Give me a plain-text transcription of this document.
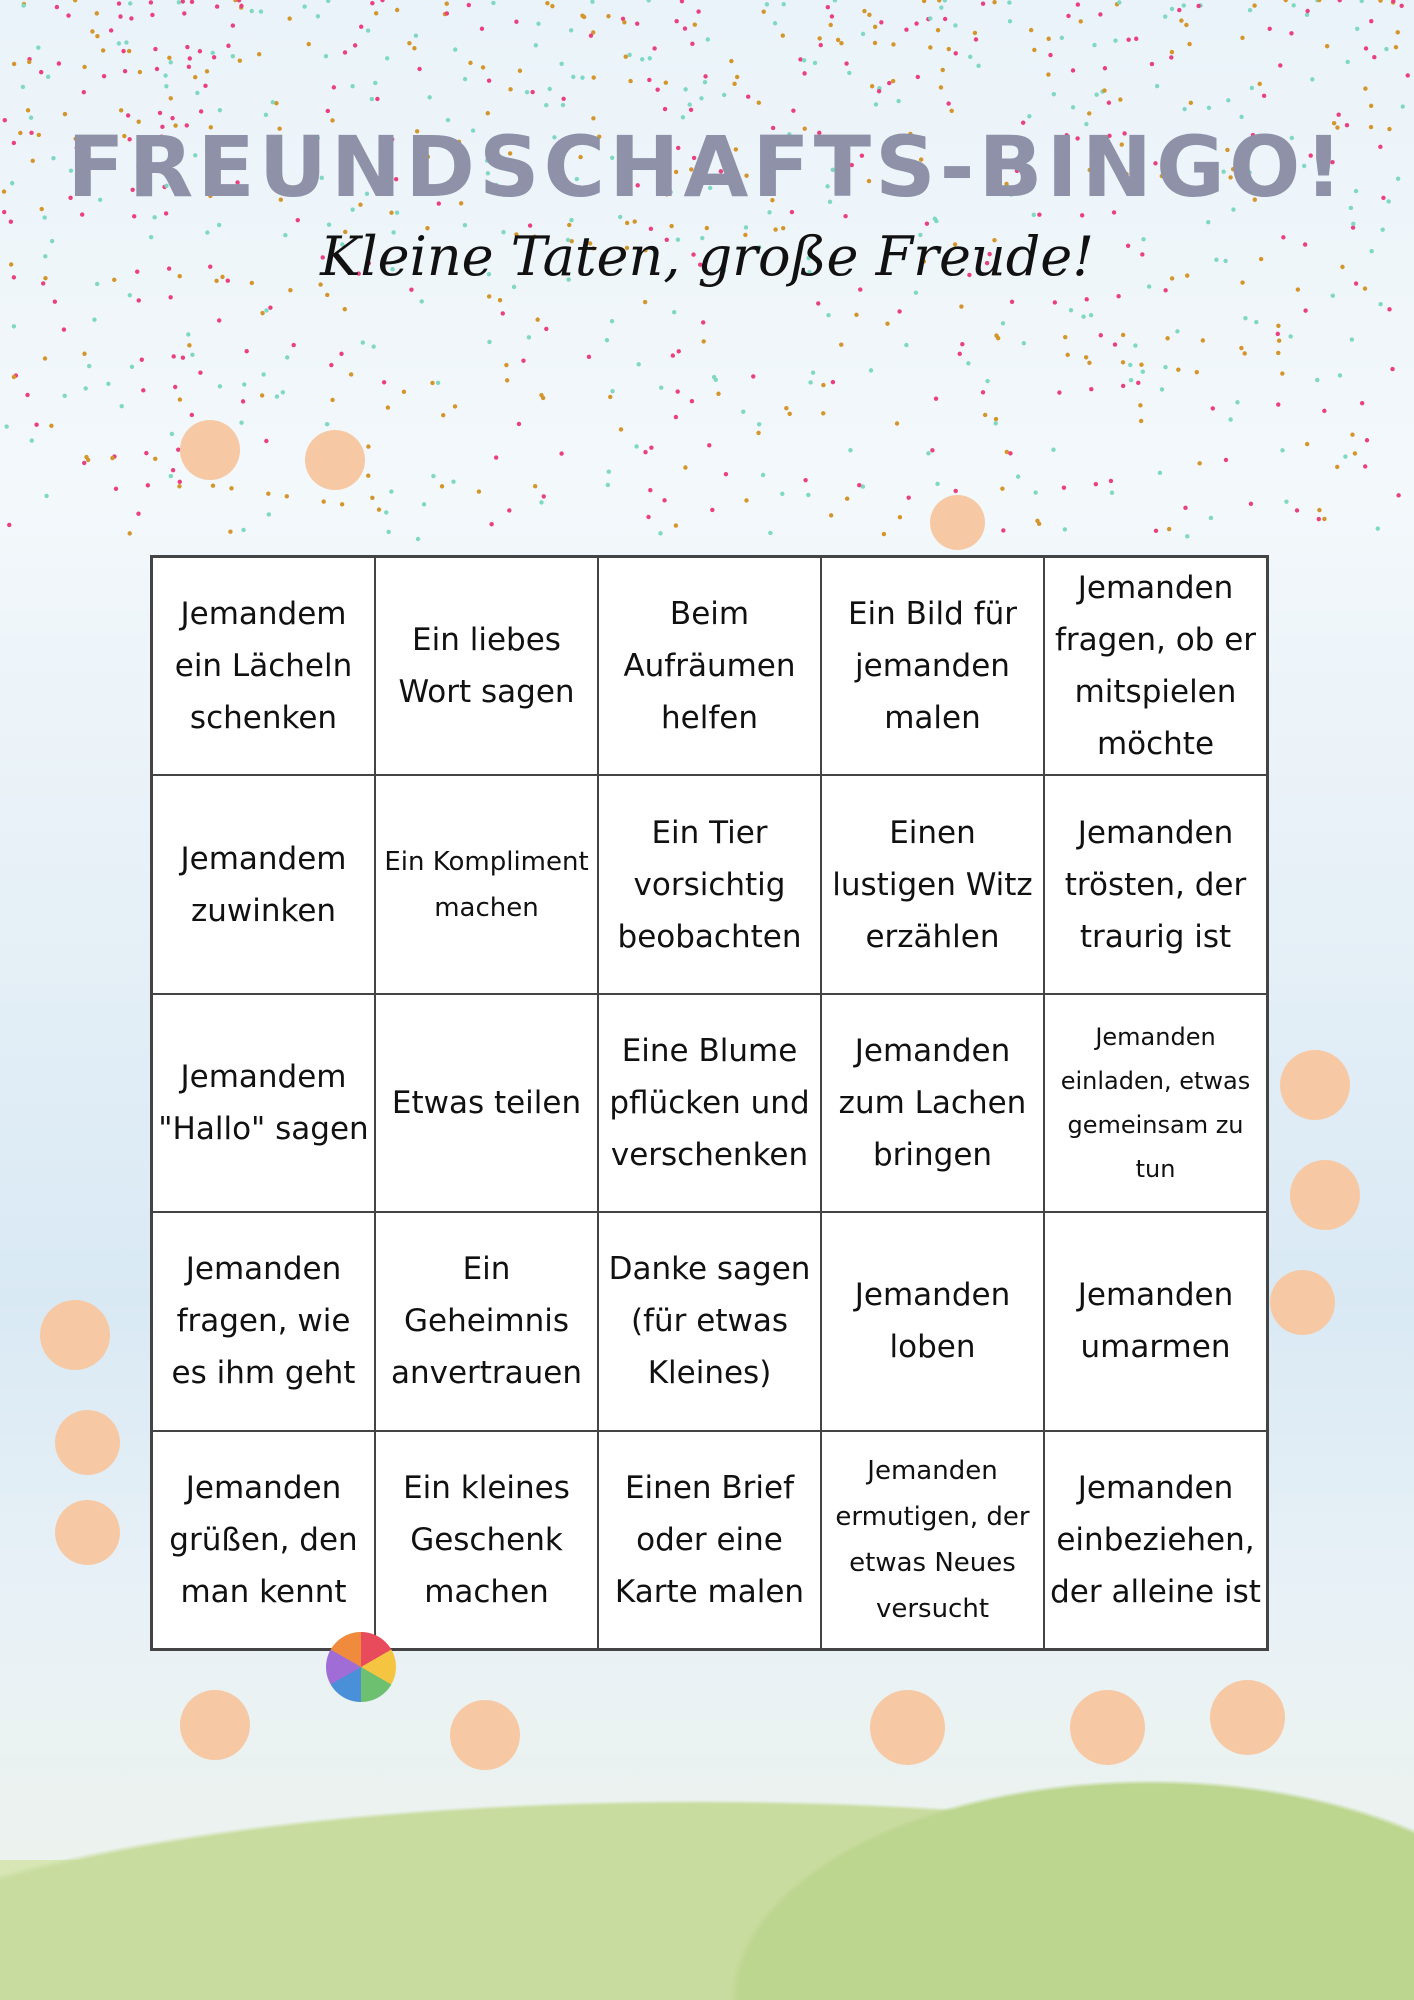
FREUNDSCHAFTS-BINGO!
Kleine Taten, große Freude!
Jemandem ein Lächeln schenken
Ein liebes Wort sagen
Beim Aufräumen helfen
Ein Bild für jemanden malen
Jemanden fragen, ob er mitspielen möchte
Jemandem zuwinken
Ein Kompliment machen
Ein Tier vorsichtig beobachten
Einen lustigen Witz erzählen
Jemanden trösten, der traurig ist
Jemandem "Hallo" sagen
Etwas teilen
Eine Blume pflücken und verschenken
Jemanden zum Lachen bringen
Jemanden einladen, etwas gemeinsam zu tun
Jemanden fragen, wie es ihm geht
Ein Geheimnis anvertrauen
Danke sagen (für etwas Kleines)
Jemanden loben
Jemanden umarmen
Jemanden grüßen, den man kennt
Ein kleines Geschenk machen
Einen Brief oder eine Karte malen
Jemanden ermutigen, der etwas Neues versucht
Jemanden einbeziehen, der alleine ist
